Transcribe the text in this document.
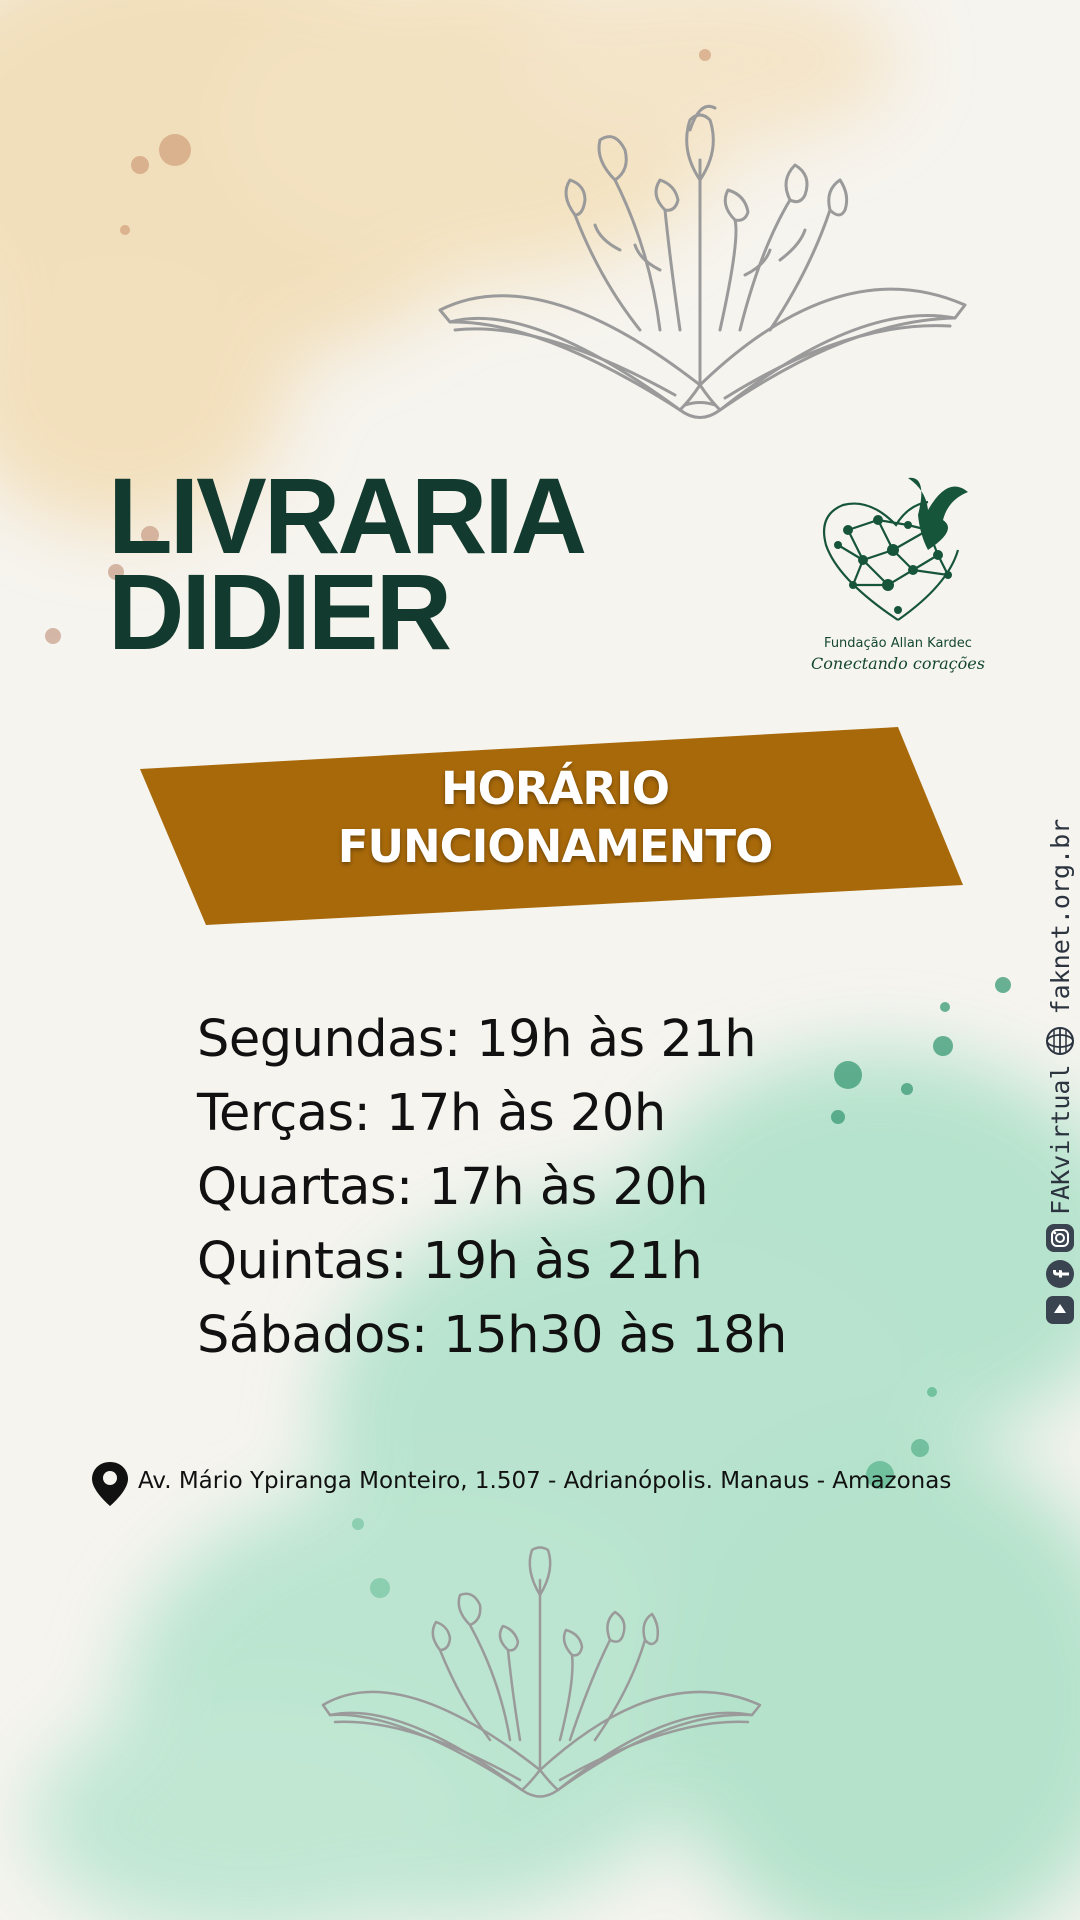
LIVRARIA
DIDIER	Fundação Allan Kardec
Conectando corações
HORÁRIO
FUNCIONAMENTO
Segundas: 19h às 21h
Terças: 17h às 20h
Quartas: 17h às 20h
Quintas: 19h às 21h
Sábados: 15h30 às 18h
Av. Mário Ypiranga Monteiro, 1.507 - Adrianópolis. Manaus - Amazonas
FAKvirtual
faknet.org.br
